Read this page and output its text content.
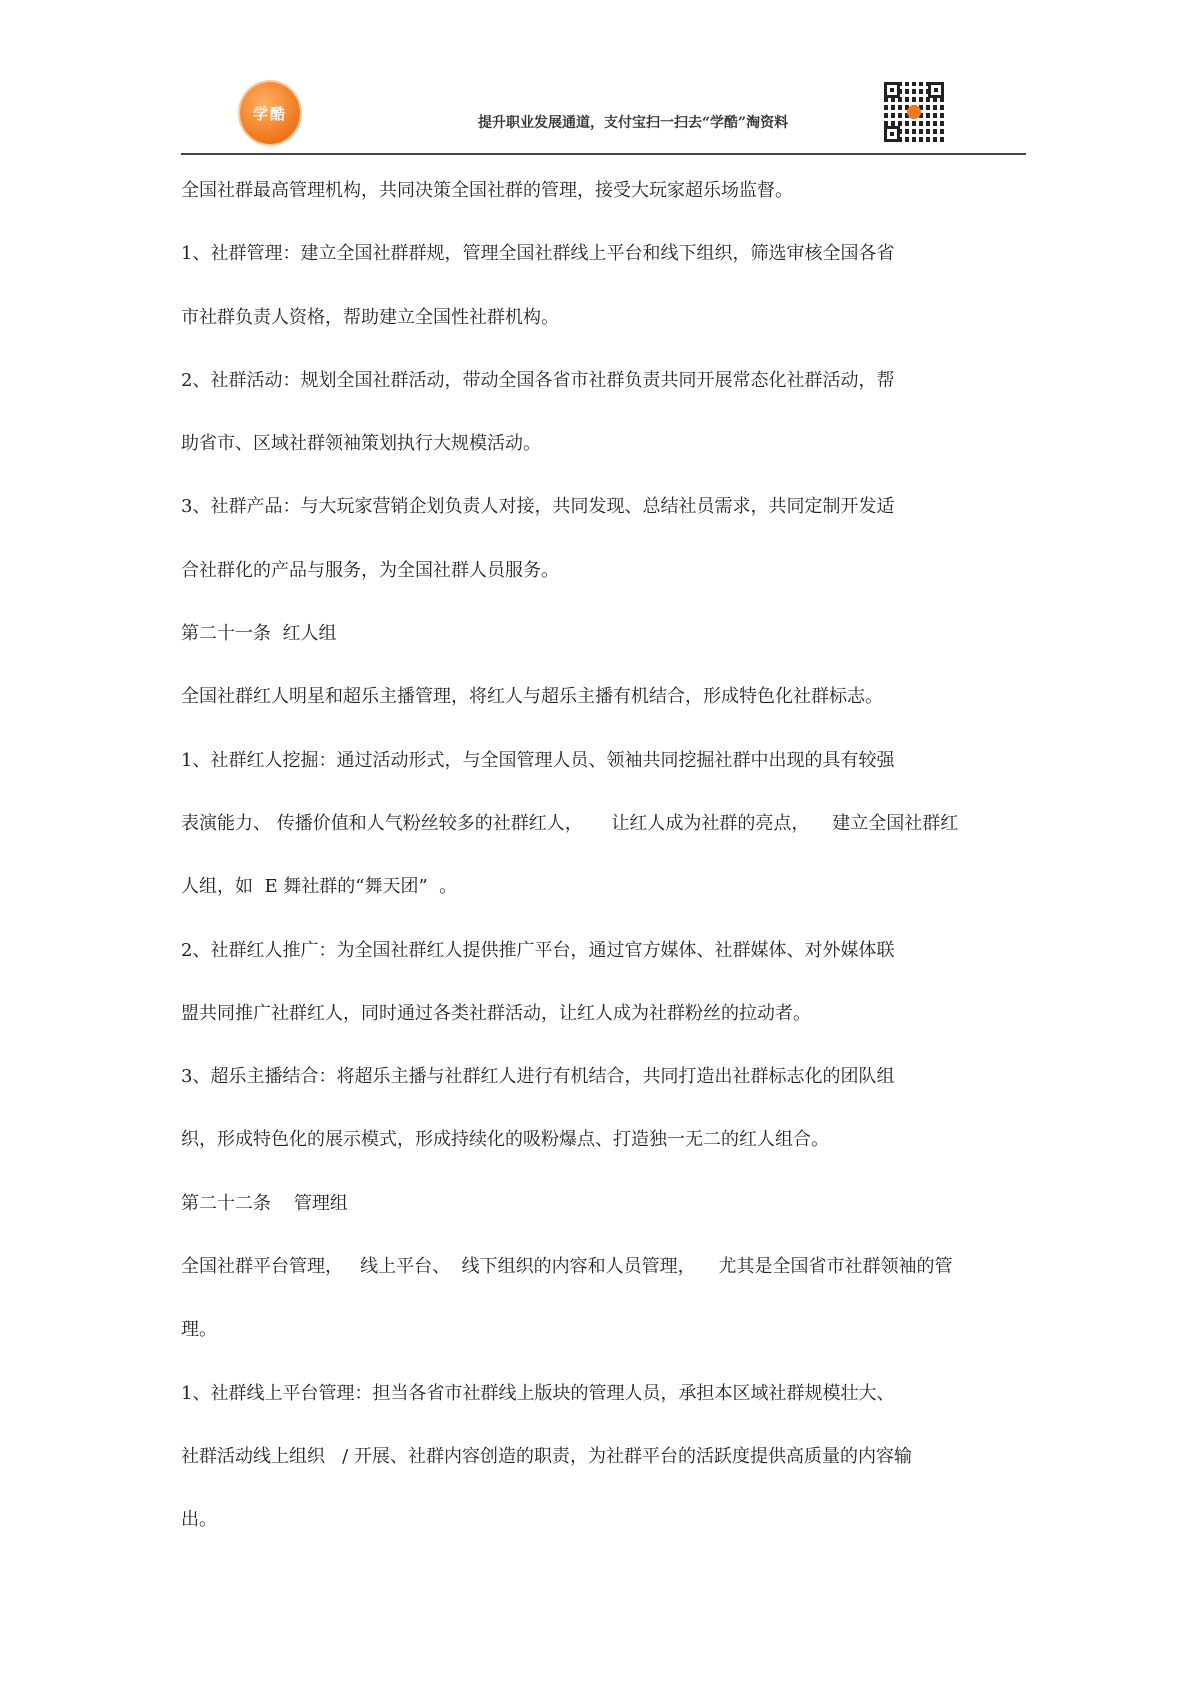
学酷
提升职业发展通道，支付宝扫一扫去“学酷”淘资料
全国社群最高管理机构，共同决策全国社群的管理，接受大玩家超乐场监督。
1、社群管理：建立全国社群群规，管理全国社群线上平台和线下组织，筛选审核全国各省
市社群负责人资格，帮助建立全国性社群机构。
2、社群活动：规划全国社群活动，带动全国各省市社群负责共同开展常态化社群活动，帮
助省市、区域社群领袖策划执行大规模活动。
3、社群产品：与大玩家营销企划负责人对接，共同发现、总结社员需求，共同定制开发适
合社群化的产品与服务，为全国社群人员服务。
第二十一条  红人组
全国社群红人明星和超乐主播管理，将红人与超乐主播有机结合，形成特色化社群标志。
1、社群红人挖掘：通过活动形式，与全国管理人员、领袖共同挖掘社群中出现的具有较强
表演能力、 传播价值和人气粉丝较多的社群红人，     让红人成为社群的亮点，    建立全国社群红
人组，如  E 舞社群的“舞天团”  。
2、社群红人推广：为全国社群红人提供推广平台，通过官方媒体、社群媒体、对外媒体联
盟共同推广社群红人，同时通过各类社群活动，让红人成为社群粉丝的拉动者。
3、超乐主播结合：将超乐主播与社群红人进行有机结合，共同打造出社群标志化的团队组
织，形成特色化的展示模式，形成持续化的吸粉爆点、打造独一无二的红人组合。
第二十二条    管理组
全国社群平台管理，   线上平台、  线下组织的内容和人员管理，    尤其是全国省市社群领袖的管
理。
1、社群线上平台管理：担当各省市社群线上版块的管理人员，承担本区域社群规模壮大、
社群活动线上组织   / 开展、社群内容创造的职责，为社群平台的活跃度提供高质量的内容输
出。
